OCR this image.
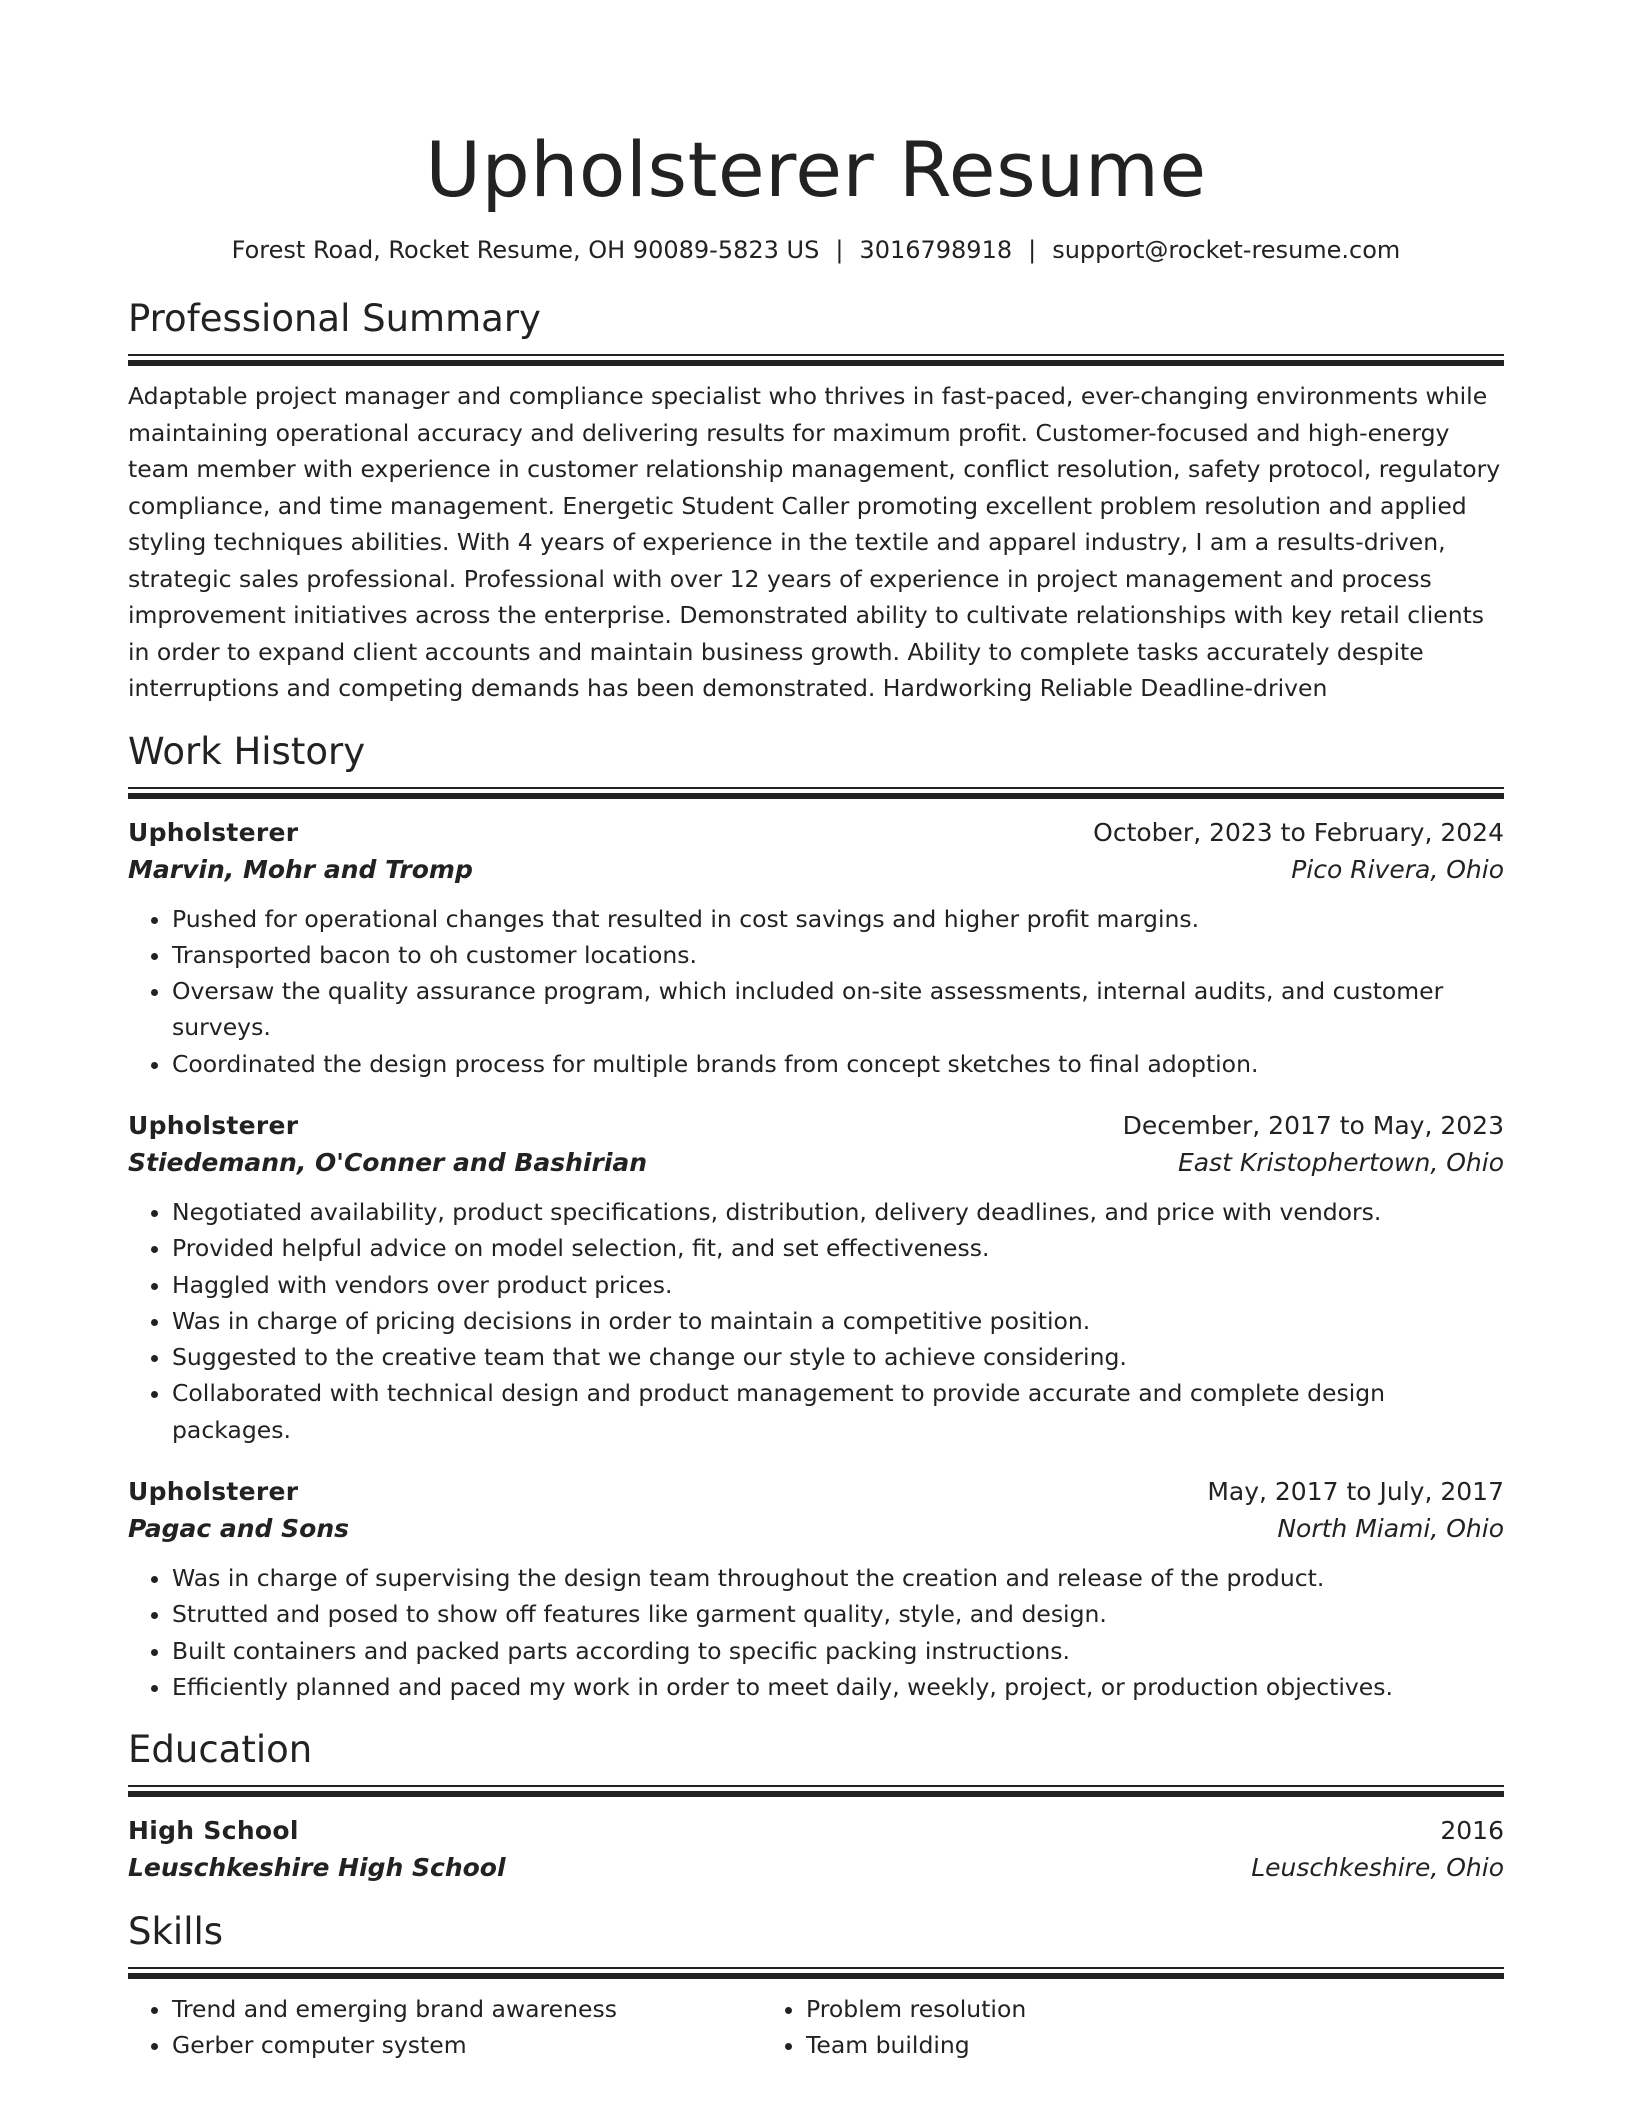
Upholsterer Resume
Forest Road, Rocket Resume, OH 90089-5823 US | 3016798918 | support@rocket-resume.com
Professional Summary
Adaptable project manager and compliance specialist who thrives in fast-paced, ever-changing environments while maintaining operational accuracy and delivering results for maximum profit. Customer-focused and high-energy team member with experience in customer relationship management, conflict resolution, safety protocol, regulatory compliance, and time management. Energetic Student Caller promoting excellent problem resolution and applied styling techniques abilities. With 4 years of experience in the textile and apparel industry, I am a results-driven, strategic sales professional. Professional with over 12 years of experience in project management and process improvement initiatives across the enterprise. Demonstrated ability to cultivate relationships with key retail clients in order to expand client accounts and maintain business growth. Ability to complete tasks accurately despite interruptions and competing demands has been demonstrated. Hardworking Reliable Deadline-driven
Work History
Upholsterer	October, 2023 to February, 2024
Marvin, Mohr and Tromp	Pico Rivera, Ohio
• Pushed for operational changes that resulted in cost savings and higher profit margins.
• Transported bacon to oh customer locations.
• Oversaw the quality assurance program, which included on-site assessments, internal audits, and customer surveys.
• Coordinated the design process for multiple brands from concept sketches to final adoption.
Upholsterer	December, 2017 to May, 2023
Stiedemann, O'Conner and Bashirian	East Kristophertown, Ohio
• Negotiated availability, product specifications, distribution, delivery deadlines, and price with vendors.
• Provided helpful advice on model selection, fit, and set effectiveness.
• Haggled with vendors over product prices.
• Was in charge of pricing decisions in order to maintain a competitive position.
• Suggested to the creative team that we change our style to achieve considering.
• Collaborated with technical design and product management to provide accurate and complete design packages.
Upholsterer	May, 2017 to July, 2017
Pagac and Sons	North Miami, Ohio
• Was in charge of supervising the design team throughout the creation and release of the product.
• Strutted and posed to show off features like garment quality, style, and design.
• Built containers and packed parts according to specific packing instructions.
• Efficiently planned and paced my work in order to meet daily, weekly, project, or production objectives.
Education
High School	2016
Leuschkeshire High School	Leuschkeshire, Ohio
Skills
• Trend and emerging brand awareness
• Gerber computer system
• Problem resolution
• Team building
